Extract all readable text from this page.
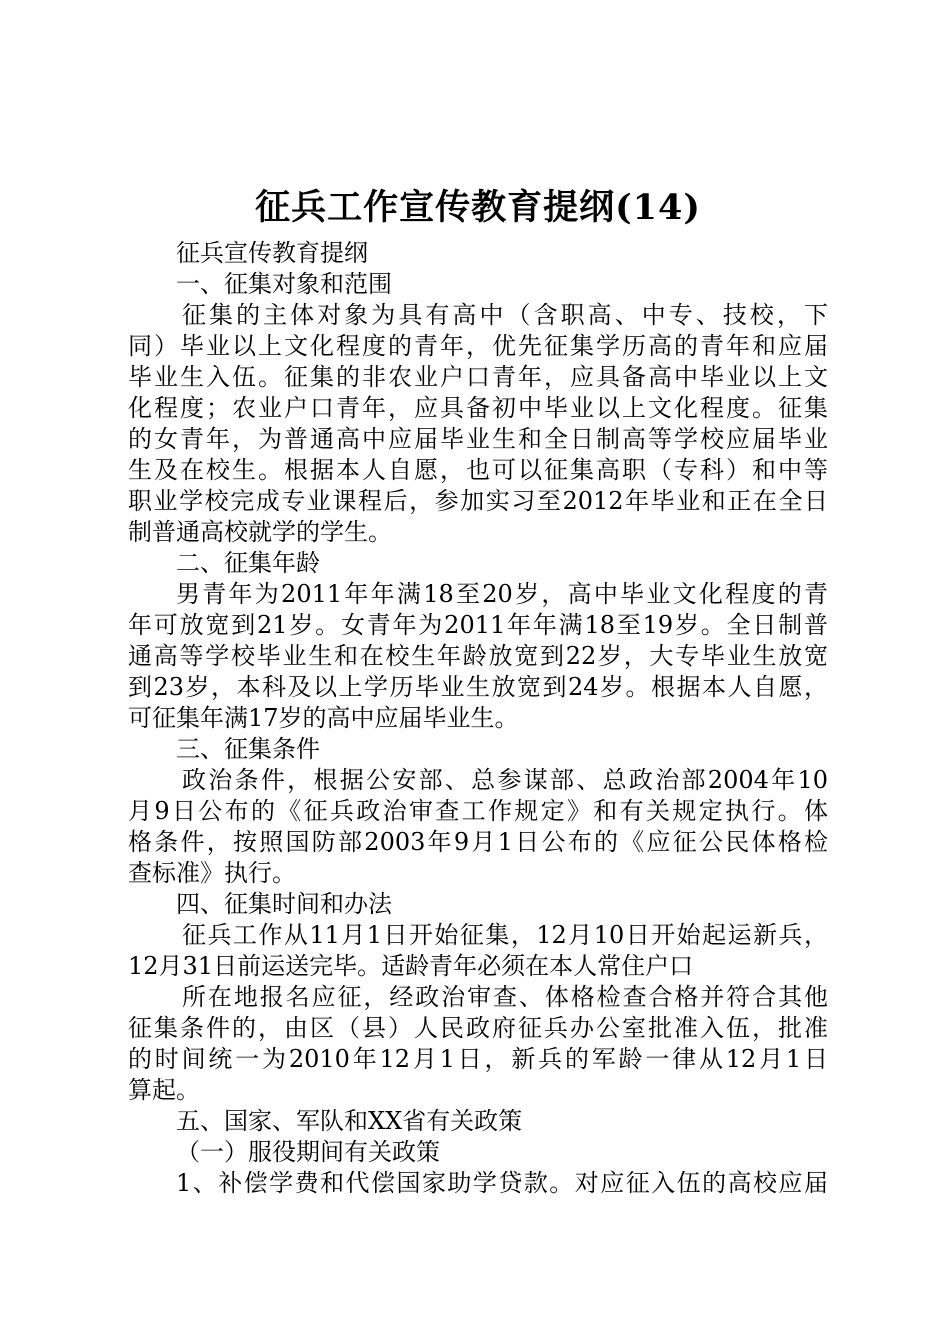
征兵工作宣传教育提纲(14)

征兵宣传教育提纲

一、征集对象和范围

征集的主体对象为具有高中（含职高、中专、技校，下

同）毕业以上文化程度的青年，优先征集学历高的青年和应届

毕业生入伍。征集的非农业户口青年，应具备高中毕业以上文

化程度；农业户口青年，应具备初中毕业以上文化程度。征集

的女青年，为普通高中应届毕业生和全日制高等学校应届毕业

生及在校生。根据本人自愿，也可以征集高职（专科）和中等

职业学校完成专业课程后，参加实习至2012年毕业和正在全日

制普通高校就学的学生。

二、征集年龄

男青年为2011年年满18至20岁，高中毕业文化程度的青

年可放宽到21岁。女青年为2011年年满18至19岁。全日制普

通高等学校毕业生和在校生年龄放宽到22岁，大专毕业生放宽

到23岁，本科及以上学历毕业生放宽到24岁。根据本人自愿，

可征集年满17岁的高中应届毕业生。

三、征集条件

政治条件，根据公安部、总参谋部、总政治部2004年10

月9日公布的《征兵政治审查工作规定》和有关规定执行。体

格条件，按照国防部2003年9月1日公布的《应征公民体格检

查标准》执行。

四、征集时间和办法

征兵工作从11月1日开始征集，12月10日开始起运新兵，

12月31日前运送完毕。适龄青年必须在本人常住户口

所在地报名应征，经政治审查、体格检查合格并符合其他

征集条件的，由区（县）人民政府征兵办公室批准入伍，批准

的时间统一为2010年12月1日，新兵的军龄一律从12月1日

算起。

五、国家、军队和XX省有关政策

（一）服役期间有关政策

1、补偿学费和代偿国家助学贷款。对应征入伍的高校应届
